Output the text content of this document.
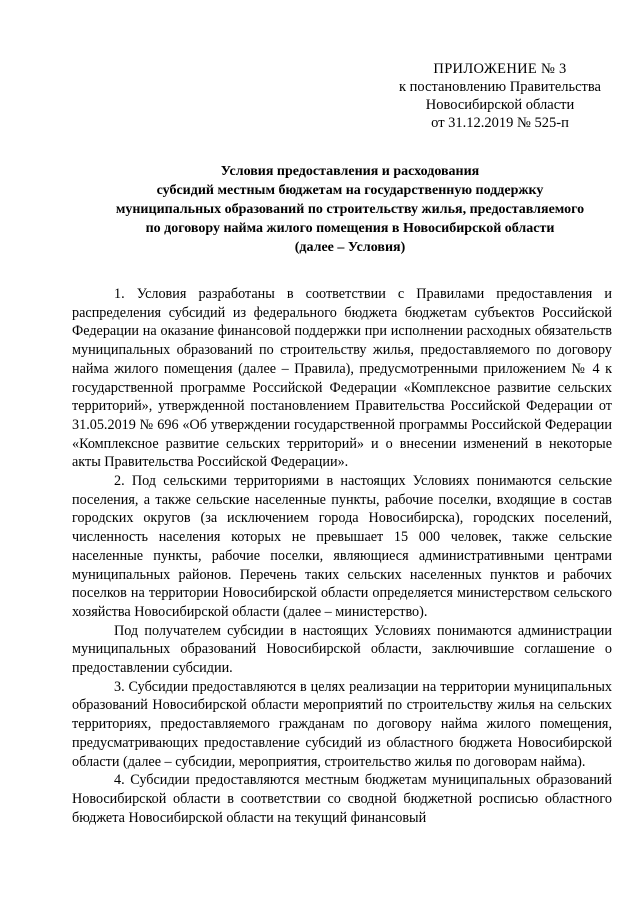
ПРИЛОЖЕНИЕ № 3
к постановлению Правительства
Новосибирской области
от 31.12.2019 № 525-п
Условия предоставления и расходования
субсидий местным бюджетам на государственную поддержку
муниципальных образований по строительству жилья, предоставляемого
по договору найма жилого помещения в Новосибирской области
(далее – Условия)

1. Условия разработаны в соответствии с Правилами предоставления и распределения субсидий из федерального бюджета бюджетам субъектов Российской Федерации на оказание финансовой поддержки при исполнении расходных обязательств муниципальных образований по строительству жилья, предоставляемого по договору найма жилого помещения (далее – Правила), предусмотренными приложением № 4 к государственной программе Российской Федерации «Комплексное развитие сельских территорий», утвержденной постановлением Правительства Российской Федерации от 31.05.2019 № 696 «Об утверждении государственной программы Российской Федерации «Комплексное развитие сельских территорий» и о внесении изменений в некоторые акты Правительства Российской Федерации».

2. Под сельскими территориями в настоящих Условиях понимаются сельские поселения, а также сельские населенные пункты, рабочие поселки, входящие в состав городских округов (за исключением города Новосибирска), городских поселений, численность населения которых не превышает 15 000 человек, также сельские населенные пункты, рабочие поселки, являющиеся административными центрами муниципальных районов. Перечень таких сельских населенных пунктов и рабочих поселков на территории Новосибирской области определяется министерством сельского хозяйства Новосибирской области (далее – министерство).

Под получателем субсидии в настоящих Условиях понимаются администрации муниципальных образований Новосибирской области, заключившие соглашение о предоставлении субсидии.

3. Субсидии предоставляются в целях реализации на территории муниципальных образований Новосибирской области мероприятий по строительству жилья на сельских территориях, предоставляемого гражданам по договору найма жилого помещения, предусматривающих предоставление субсидий из областного бюджета Новосибирской области (далее – субсидии, мероприятия, строительство жилья по договорам найма).

4. Субсидии предоставляются местным бюджетам муниципальных образований Новосибирской области в соответствии со сводной бюджетной росписью областного бюджета Новосибирской области на текущий финансовый
